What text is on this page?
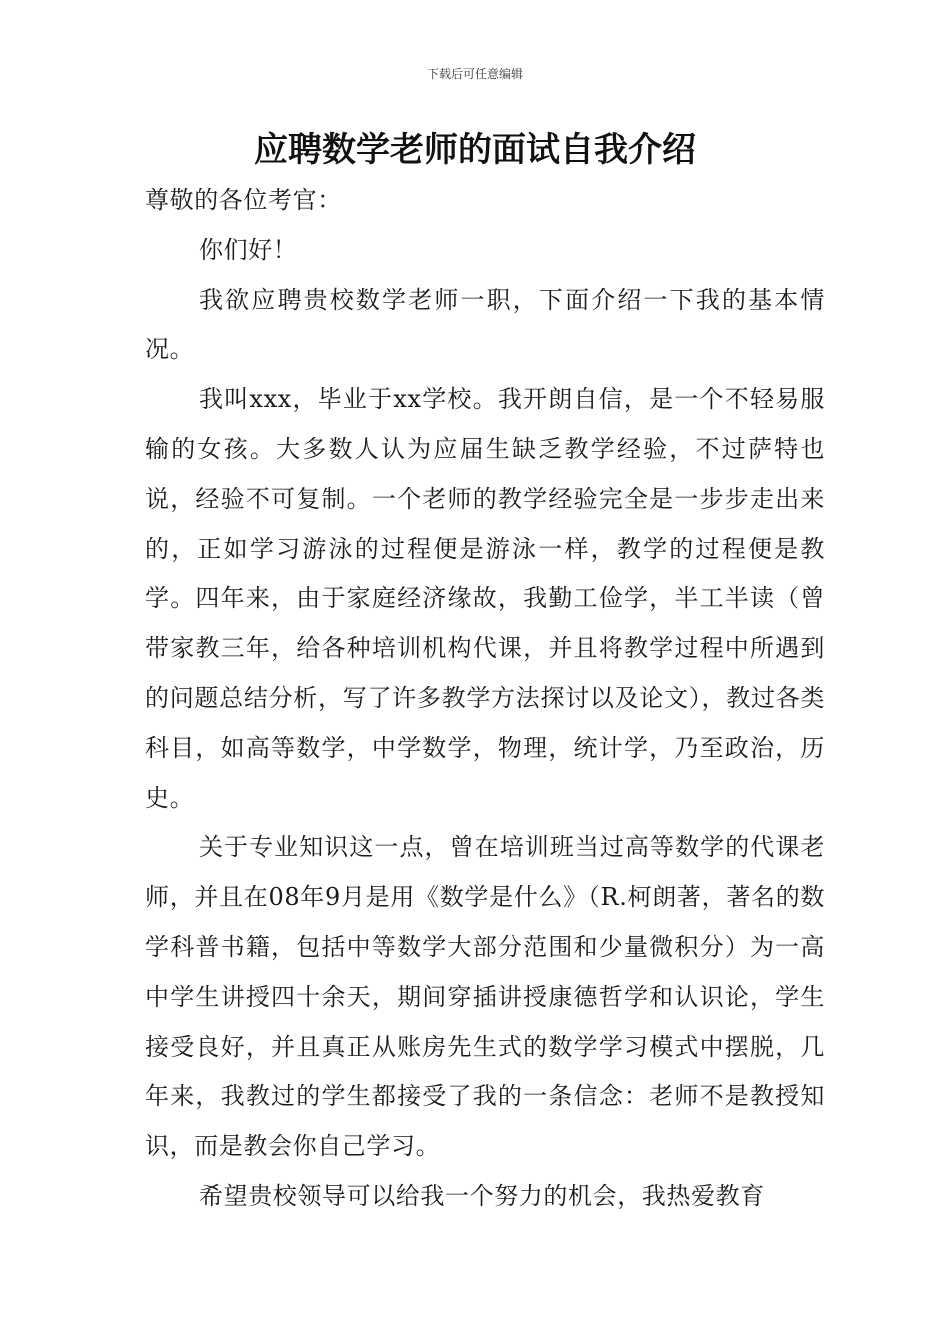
下载后可任意编辑
应聘数学老师的面试自我介绍

尊敬的各位考官：

你们好！

我欲应聘贵校数学老师一职，下面介绍一下我的基本情况。

我叫xxx，毕业于xx学校。我开朗自信，是一个不轻易服输的女孩。大多数人认为应届生缺乏教学经验，不过萨特也说，经验不可复制。一个老师的教学经验完全是一步步走出来的，正如学习游泳的过程便是游泳一样，教学的过程便是教学。四年来，由于家庭经济缘故，我勤工俭学，半工半读（曾带家教三年，给各种培训机构代课，并且将教学过程中所遇到的问题总结分析，写了许多教学方法探讨以及论文），教过各类科目，如高等数学，中学数学，物理，统计学，乃至政治，历史。

关于专业知识这一点，曾在培训班当过高等数学的代课老师，并且在08年9月是用《数学是什么》（R.柯朗著，著名的数学科普书籍，包括中等数学大部分范围和少量微积分）为一高中学生讲授四十余天，期间穿插讲授康德哲学和认识论，学生接受良好，并且真正从账房先生式的数学学习模式中摆脱，几年来，我教过的学生都接受了我的一条信念：老师不是教授知识，而是教会你自己学习。

希望贵校领导可以给我一个努力的机会，我热爱教育
